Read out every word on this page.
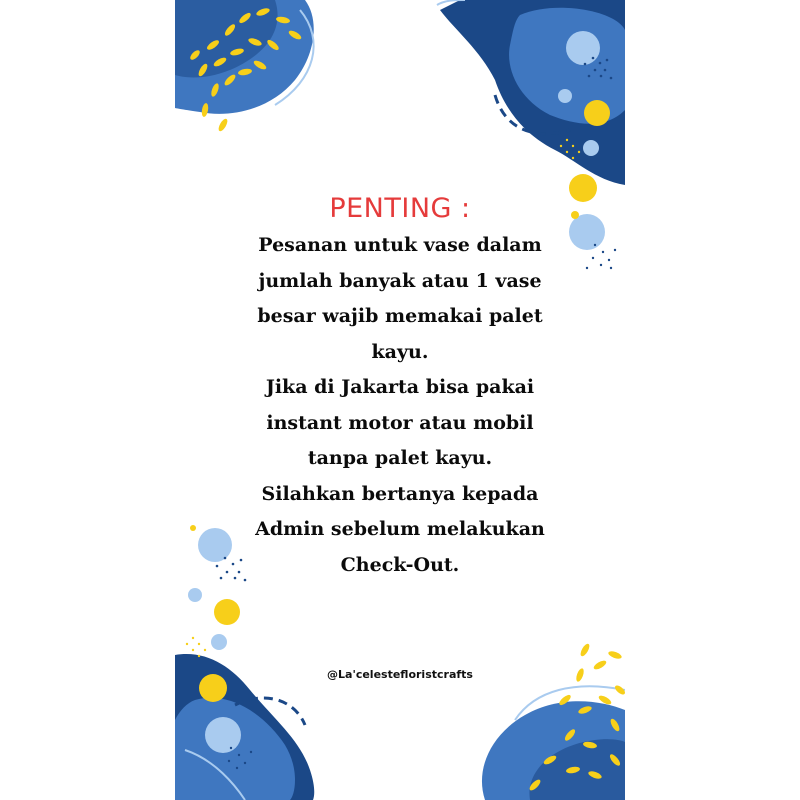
PENTING :
Pesanan untuk vase dalam
jumlah banyak atau 1 vase
besar wajib memakai palet
kayu.
Jika di Jakarta bisa pakai
instant motor atau mobil
tanpa palet kayu.
Silahkan bertanya kepada
Admin sebelum melakukan
Check-Out.
@La'celestefloristcrafts
